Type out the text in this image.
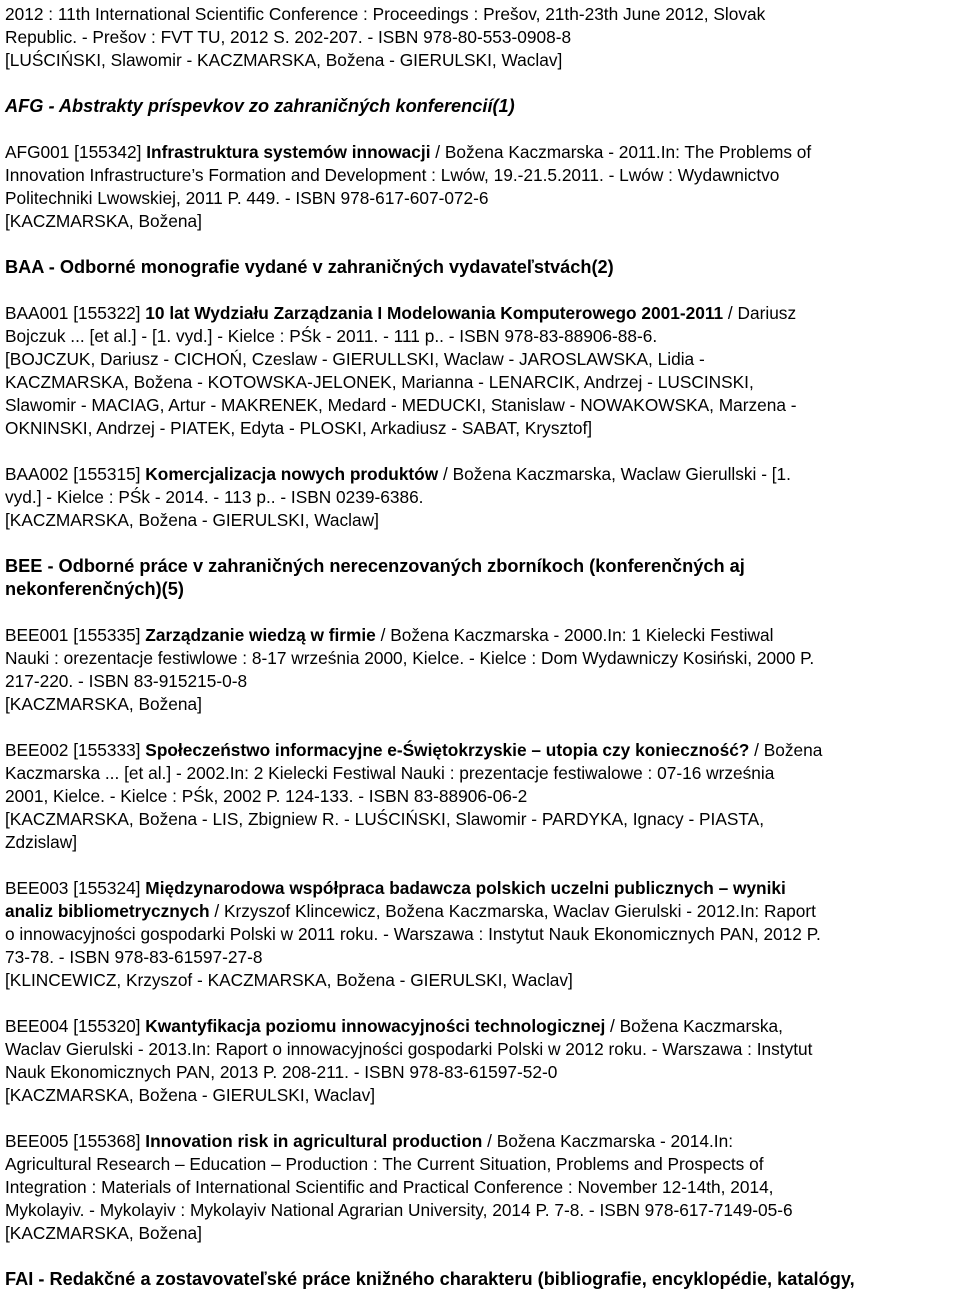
2012 : 11th International Scientific Conference : Proceedings : Prešov, 21th-23th June 2012, Slovak
Republic. - Prešov : FVT TU, 2012 S. 202-207. - ISBN 978-80-553-0908-8
[LUŚCIŃSKI, Slawomir - KACZMARSKA, Božena - GIERULSKI, Waclav]
AFG - Abstrakty príspevkov zo zahraničných konferencií(1)
AFG001 [155342] Infrastruktura systemów innowacji / Božena Kaczmarska - 2011.In: The Problems of
Innovation Infrastructure’s Formation and Development : Lwów, 19.-21.5.2011. - Lwów : Wydawnictvo
Politechniki Lwowskiej, 2011 P. 449. - ISBN 978-617-607-072-6
[KACZMARSKA, Božena]
BAA - Odborné monografie vydané v zahraničných vydavateľstvách(2)
BAA001 [155322] 10 lat Wydziału Zarządzania I Modelowania Komputerowego 2001-2011 / Dariusz
Bojczuk ... [et al.] - [1. vyd.] - Kielce : PŚk - 2011. - 111 p.. - ISBN 978-83-88906-88-6.
[BOJCZUK, Dariusz - CICHOŃ, Czeslaw - GIERULLSKI, Waclaw - JAROSLAWSKA, Lidia -
KACZMARSKA, Božena - KOTOWSKA-JELONEK, Marianna - LENARCIK, Andrzej - LUSCINSKI,
Slawomir - MACIAG, Artur - MAKRENEK, Medard - MEDUCKI, Stanislaw - NOWAKOWSKA, Marzena -
OKNINSKI, Andrzej - PIATEK, Edyta - PLOSKI, Arkadiusz - SABAT, Krysztof]
BAA002 [155315] Komercjalizacja nowych produktów / Božena Kaczmarska, Waclaw Gierullski - [1.
vyd.] - Kielce : PŚk - 2014. - 113 p.. - ISBN 0239-6386.
[KACZMARSKA, Božena - GIERULSKI, Waclaw]
BEE - Odborné práce v zahraničných nerecenzovaných zborníkoch (konferenčných aj
nekonferenčných)(5)
BEE001 [155335] Zarządzanie wiedzą w firmie / Božena Kaczmarska - 2000.In: 1 Kielecki Festiwal
Nauki : orezentacje festiwlowe : 8-17 września 2000, Kielce. - Kielce : Dom Wydawniczy Kosiński, 2000 P.
217-220. - ISBN 83-915215-0-8
[KACZMARSKA, Božena]
BEE002 [155333] Społeczeństwo informacyjne e-Świętokrzyskie – utopia czy konieczność? / Božena
Kaczmarska ... [et al.] - 2002.In: 2 Kielecki Festiwal Nauki : prezentacje festiwalowe : 07-16 września
2001, Kielce. - Kielce : PŚk, 2002 P. 124-133. - ISBN 83-88906-06-2
[KACZMARSKA, Božena - LIS, Zbigniew R. - LUŚCIŃSKI, Slawomir - PARDYKA, Ignacy - PIASTA,
Zdzislaw]
BEE003 [155324] Międzynarodowa współpraca badawcza polskich uczelni publicznych – wyniki
analiz bibliometrycznych / Krzyszof Klincewicz, Božena Kaczmarska, Waclav Gierulski - 2012.In: Raport
o innowacyjności gospodarki Polski w 2011 roku. - Warszawa : Instytut Nauk Ekonomicznych PAN, 2012 P.
73-78. - ISBN 978-83-61597-27-8
[KLINCEWICZ, Krzyszof - KACZMARSKA, Božena - GIERULSKI, Waclav]
BEE004 [155320] Kwantyfikacja poziomu innowacyjności technologicznej / Božena Kaczmarska,
Waclav Gierulski - 2013.In: Raport o innowacyjności gospodarki Polski w 2012 roku. - Warszawa : Instytut
Nauk Ekonomicznych PAN, 2013 P. 208-211. - ISBN 978-83-61597-52-0
[KACZMARSKA, Božena - GIERULSKI, Waclav]
BEE005 [155368] Innovation risk in agricultural production / Božena Kaczmarska - 2014.In:
Agricultural Research – Education – Production : The Current Situation, Problems and Prospects of
Integration : Materials of International Scientific and Practical Conference : November 12-14th, 2014,
Mykolayiv. - Mykolayiv : Mykolayiv National Agrarian University, 2014 P. 7-8. - ISBN 978-617-7149-05-6
[KACZMARSKA, Božena]
FAI - Redakčné a zostavovateľské práce knižného charakteru (bibliografie, encyklopédie, katalógy,
